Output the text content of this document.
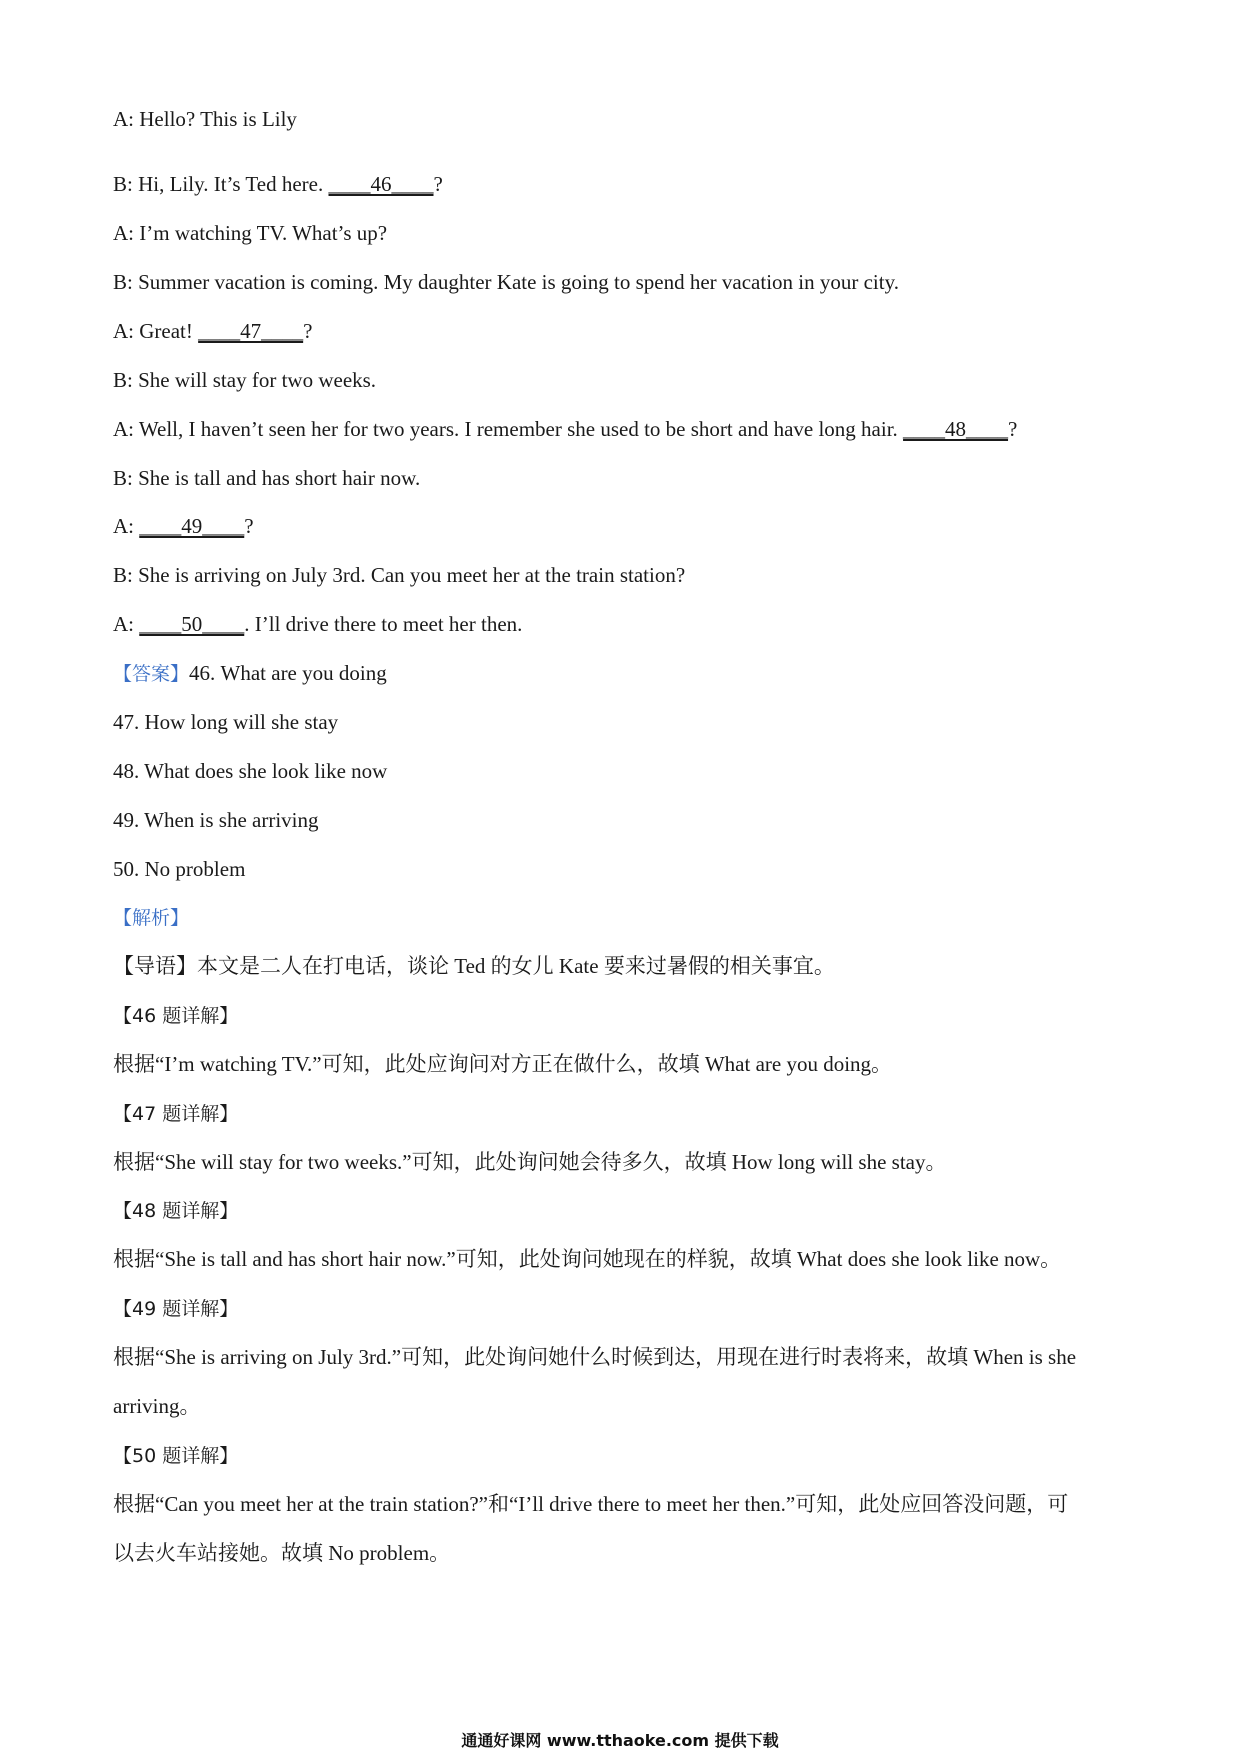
A: Hello? This is Lily
B: Hi, Lily. It’s Ted here. ____46____?
A: I’m watching TV. What’s up?
B: Summer vacation is coming. My daughter Kate is going to spend her vacation in your city.
A: Great! ____47____?
B: She will stay for two weeks.
A: Well, I haven’t seen her for two years. I remember she used to be short and have long hair. ____48____?
B: She is tall and has short hair now.
A: ____49____?
B: She is arriving on July 3rd. Can you meet her at the train station?
A: ____50____. I’ll drive there to meet her then.
【答案】46. What are you doing
47. How long will she stay
48. What does she look like now
49. When is she arriving
50. No problem
【解析】
【导语】本文是二人在打电话，谈论 Ted 的女儿 Kate 要来过暑假的相关事宜。
【46 题详解】
根据“I’m watching TV.”可知，此处应询问对方正在做什么，故填 What are you doing。
【47 题详解】
根据“She will stay for two weeks.”可知，此处询问她会待多久，故填 How long will she stay。
【48 题详解】
根据“She is tall and has short hair now.”可知，此处询问她现在的样貌，故填 What does she look like now。
【49 题详解】
根据“She is arriving on July 3rd.”可知，此处询问她什么时候到达，用现在进行时表将来，故填 When is she
arriving。
【50 题详解】
根据“Can you meet her at the train station?”和“I’ll drive there to meet her then.”可知，此处应回答没问题，可
以去火车站接她。故填 No problem。
通通好课网 www.tthaoke.com 提供下载
